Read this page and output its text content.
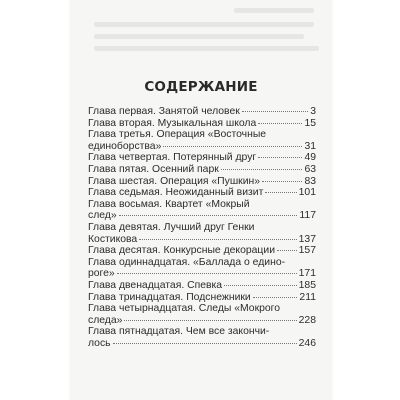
СОДЕРЖАНИЕ
Глава первая. Занятой человек	3
Глава вторая. Музыкальная школа	15
Глава третья. Операция «Восточные
единоборства»	31
Глава четвертая. Потерянный друг	49
Глава пятая. Осенний парк	63
Глава шестая. Операция «Пушкин»	83
Глава седьмая. Неожиданный визит	101
Глава восьмая. Квартет «Мокрый
след»	117
Глава девятая. Лучший друг Генки
Костикова	137
Глава десятая. Конкурсные декорации 157
Глава одиннадцатая. «Баллада о едино-
роге»	171
Глава двенадцатая. Спевка	185
Глава тринадцатая. Подснежники	211
Глава четырнадцатая. Следы «Мокрого
следа»	228
Глава пятнадцатая. Чем все закончи-
лось	246
